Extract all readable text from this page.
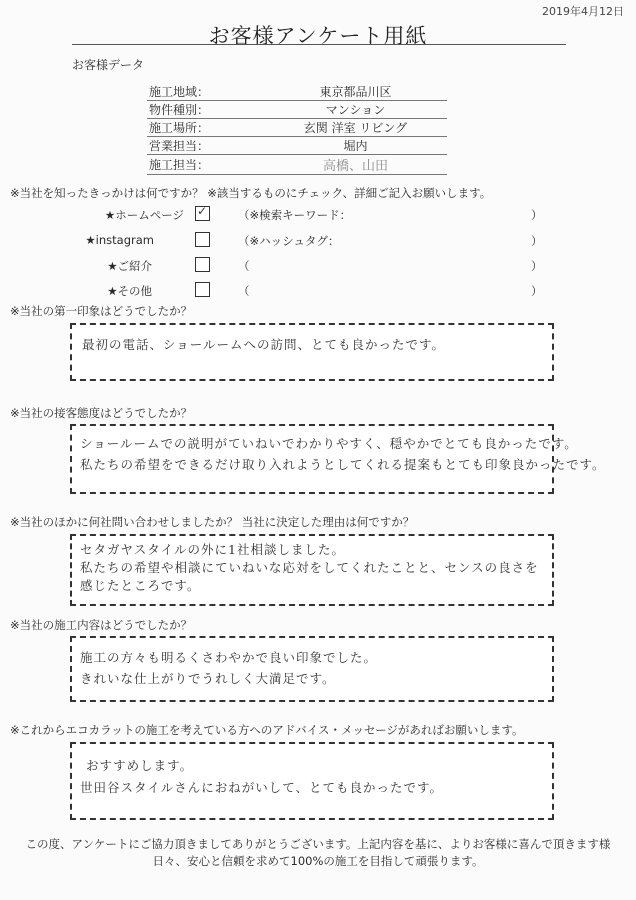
2019年4月12日
お客様アンケート用紙
お客様データ
施工地域：	東京都品川区
物件種別：	マンション
施工場所：	玄関 洋室 リビング
営業担当：	堀内
施工担当：	高橋、山田
※当社を知ったきっかけは何ですか？ ※該当するものにチェック、詳細ご記入お願いします。
★ホームページ ✓	（※検索キーワード：	）
★instagram	（※ハッシュタグ：	）
★ご紹介	（	）
★その他	（	）
※当社の第一印象はどうでしたか？
最初の電話、ショールームへの訪問、とても良かったです。
※当社の接客態度はどうでしたか？
ショールームでの説明がていねいでわかりやすく、穏やかでとても良かったです。
私たちの希望をできるだけ取り入れようとしてくれる提案もとても印象良かったです。
※当社のほかに何社問い合わせしましたか？ 当社に決定した理由は何ですか？
セタガヤスタイルの外に1社相談しました。
私たちの希望や相談にていねいな応対をしてくれたことと、センスの良さを
感じたところです。
※当社の施工内容はどうでしたか？
施工の方々も明るくさわやかで良い印象でした。
きれいな仕上がりでうれしく大満足です。
※これからエコカラットの施工を考えている方へのアドバイス・メッセージがあればお願いします。
おすすめします。
世田谷スタイルさんにおねがいして、とても良かったです。
この度、アンケートにご協力頂きましてありがとうございます。上記内容を基に、よりお客様に喜んで頂きます様
日々、安心と信頼を求めて100%の施工を目指して頑張ります。
